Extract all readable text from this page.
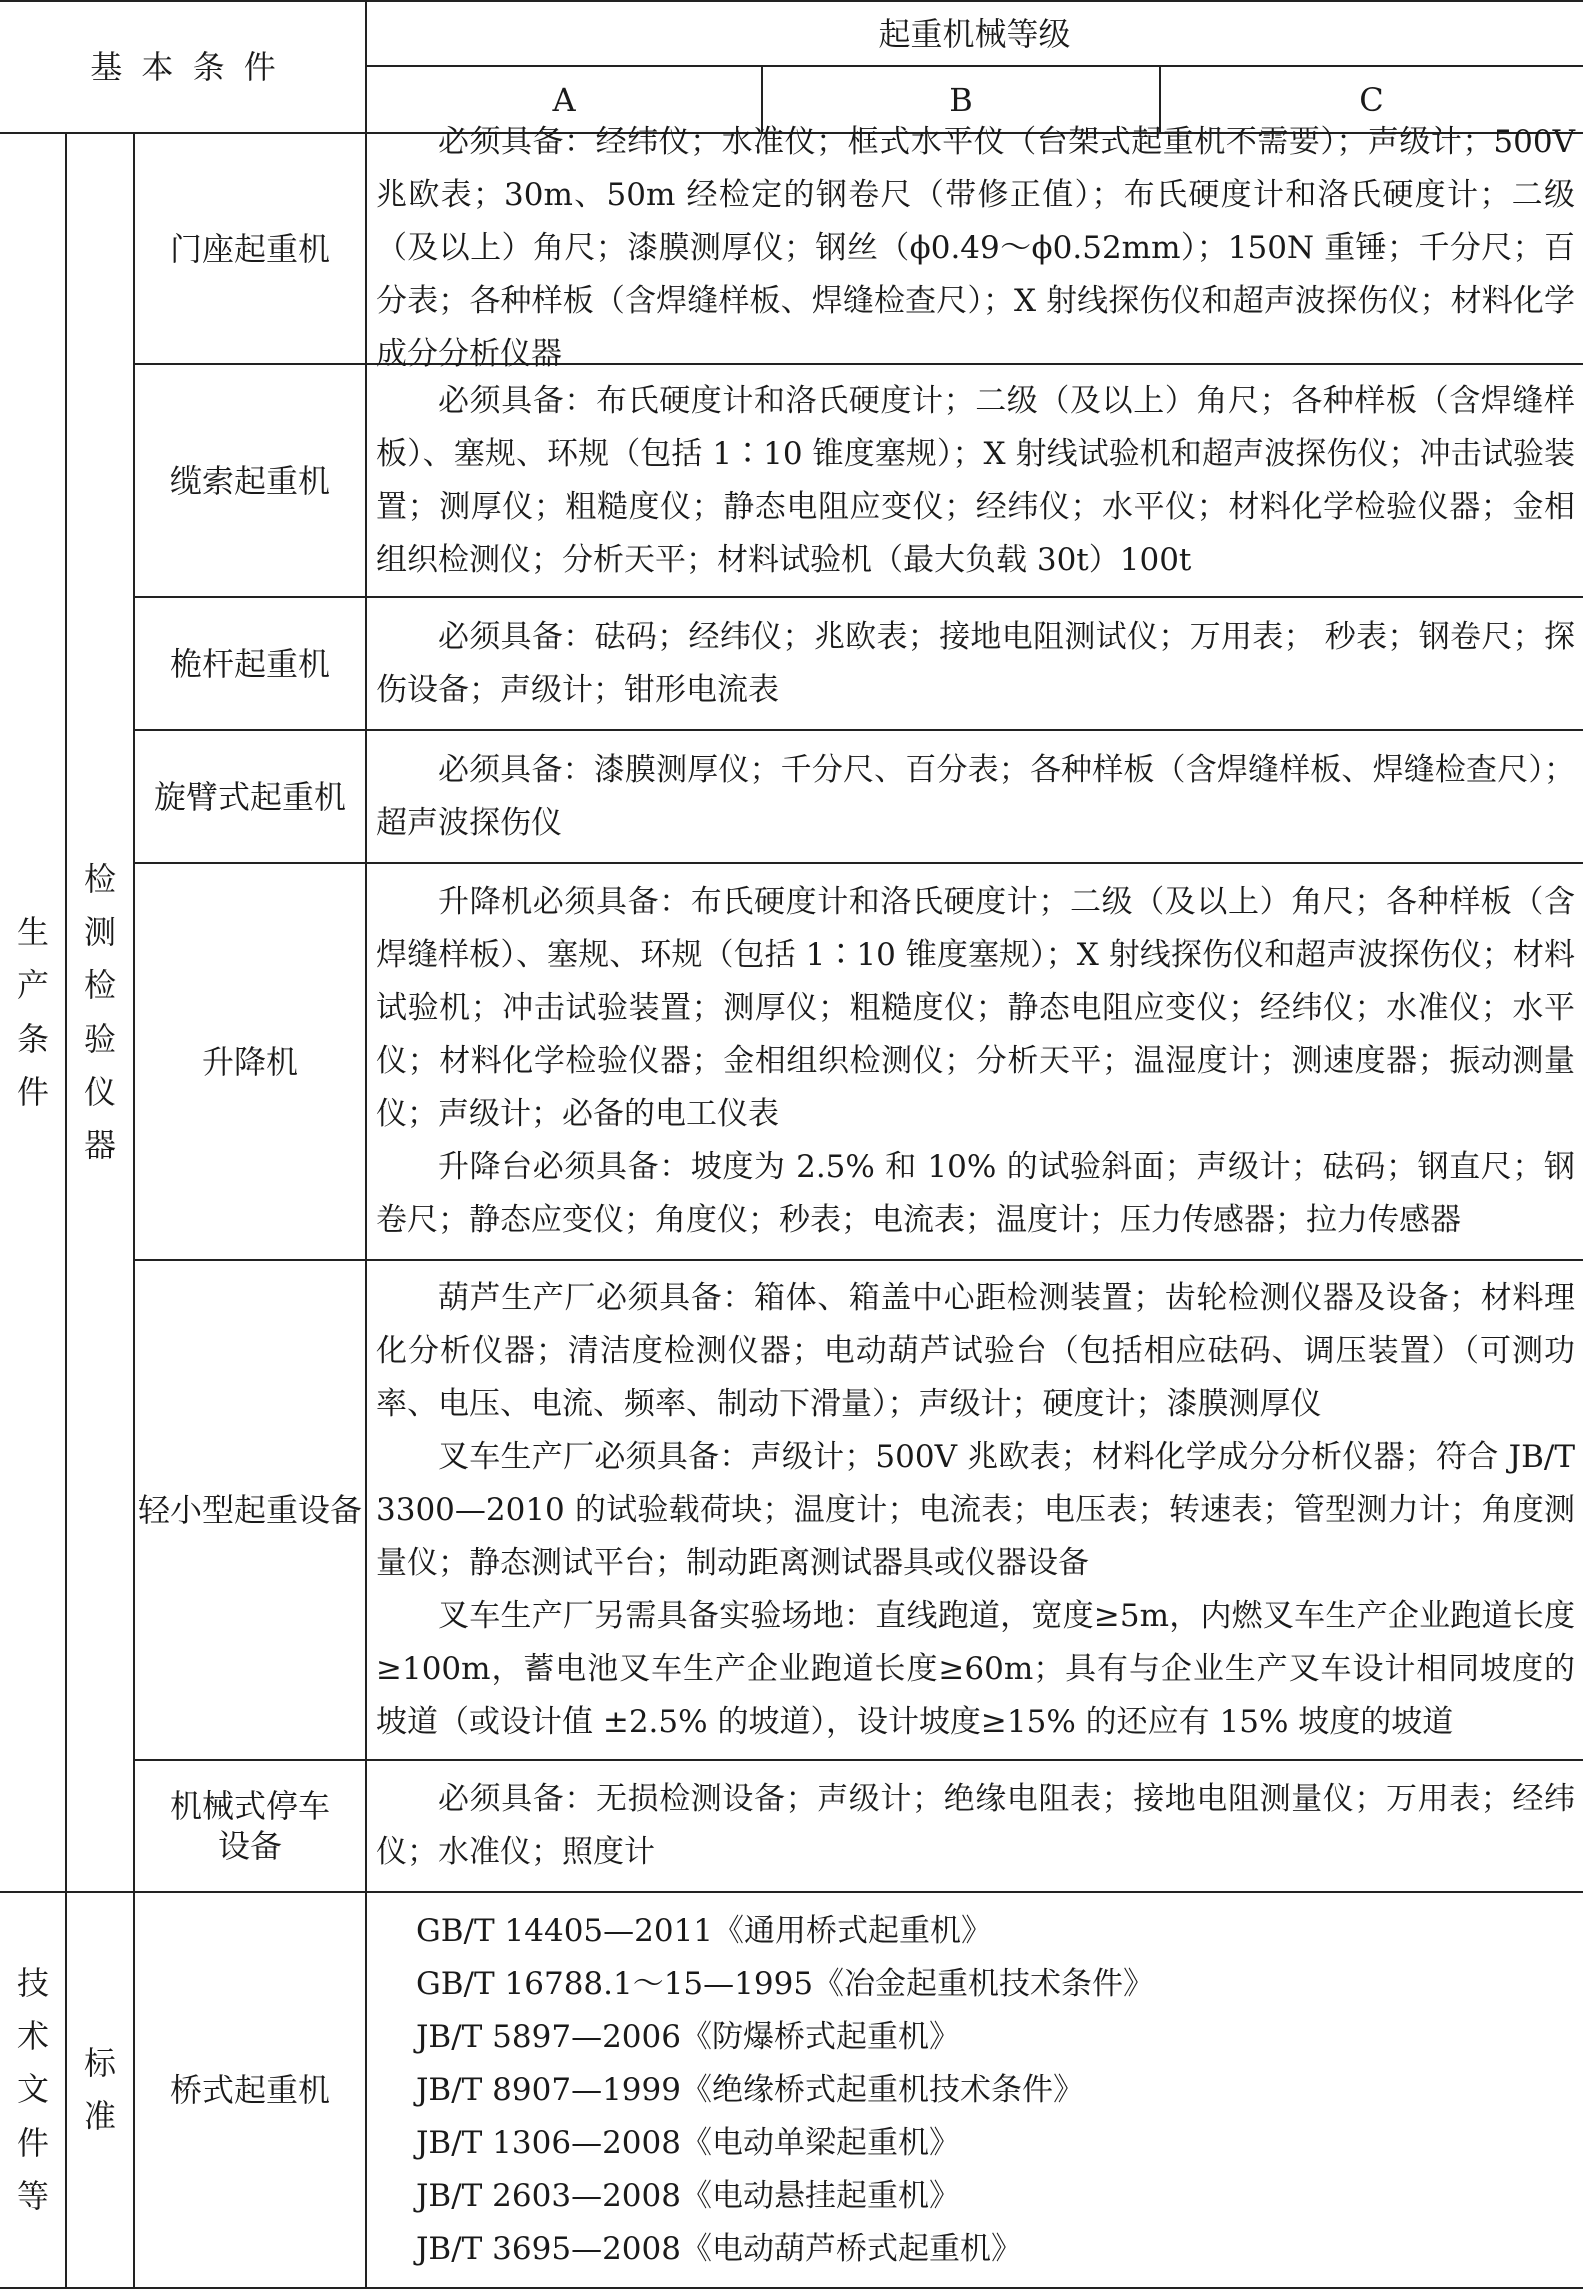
基本条件
起重机械等级
A	B	C
生产条件
检测检验仪器
技术文件等
标准
门座起重机
必须具备：经纬仪；水准仪；框式水平仪（台架式起重机不需要）；声级计；500V 兆欧表；30m、50m 经检定的钢卷尺（带修正值）；布氏硬度计和洛氏硬度计；二级（及以上）角尺；漆膜测厚仪；钢丝（ϕ0.49～ϕ0.52mm）；150N 重锤；千分尺；百分表；各种样板（含焊缝样板、焊缝检查尺）；X 射线探伤仪和超声波探伤仪；材料化学成分分析仪器
缆索起重机
必须具备：布氏硬度计和洛氏硬度计；二级（及以上）角尺；各种样板（含焊缝样板）、塞规、环规（包括 1∶10 锥度塞规）；X 射线试验机和超声波探伤仪；冲击试验装置；测厚仪；粗糙度仪；静态电阻应变仪；经纬仪；水平仪；材料化学检验仪器；金相组织检测仪；分析天平；材料试验机（最大负载 30t）100t
桅杆起重机
必须具备：砝码；经纬仪；兆欧表；接地电阻测试仪；万用表； 秒表；钢卷尺；探伤设备；声级计；钳形电流表
旋臂式起重机
必须具备：漆膜测厚仪；千分尺、百分表；各种样板（含焊缝样板、焊缝检查尺）；超声波探伤仪
升降机
升降机必须具备：布氏硬度计和洛氏硬度计；二级（及以上）角尺；各种样板（含焊缝样板）、塞规、环规（包括 1∶10 锥度塞规）；X 射线探伤仪和超声波探伤仪；材料试验机；冲击试验装置；测厚仪；粗糙度仪；静态电阻应变仪；经纬仪；水准仪；水平仪；材料化学检验仪器；金相组织检测仪；分析天平；温湿度计；测速度器；振动测量仪；声级计；必备的电工仪表
升降台必须具备：坡度为 2.5% 和 10% 的试验斜面；声级计；砝码；钢直尺；钢卷尺；静态应变仪；角度仪；秒表；电流表；温度计；压力传感器；拉力传感器
轻小型起重设备
葫芦生产厂必须具备：箱体、箱盖中心距检测装置；齿轮检测仪器及设备；材料理化分析仪器；清洁度检测仪器；电动葫芦试验台（包括相应砝码、调压装置）（可测功率、电压、电流、频率、制动下滑量）；声级计；硬度计；漆膜测厚仪
叉车生产厂必须具备：声级计；500V 兆欧表；材料化学成分分析仪器；符合 JB/T 3300—2010 的试验载荷块；温度计；电流表；电压表；转速表；管型测力计；角度测量仪；静态测试平台；制动距离测试器具或仪器设备
叉车生产厂另需具备实验场地：直线跑道，宽度≥5m，内燃叉车生产企业跑道长度≥100m，蓄电池叉车生产企业跑道长度≥60m；具有与企业生产叉车设计相同坡度的坡道（或设计值 ±2.5% 的坡道），设计坡度≥15% 的还应有 15% 坡度的坡道
机械式停车设备
必须具备：无损检测设备；声级计；绝缘电阻表；接地电阻测量仪；万用表；经纬仪；水准仪；照度计
桥式起重机
GB/T 14405—2011《通用桥式起重机》
GB/T 16788.1～15—1995《冶金起重机技术条件》
JB/T 5897—2006《防爆桥式起重机》
JB/T 8907—1999《绝缘桥式起重机技术条件》
JB/T 1306—2008《电动单梁起重机》
JB/T 2603—2008《电动悬挂起重机》
JB/T 3695—2008《电动葫芦桥式起重机》
